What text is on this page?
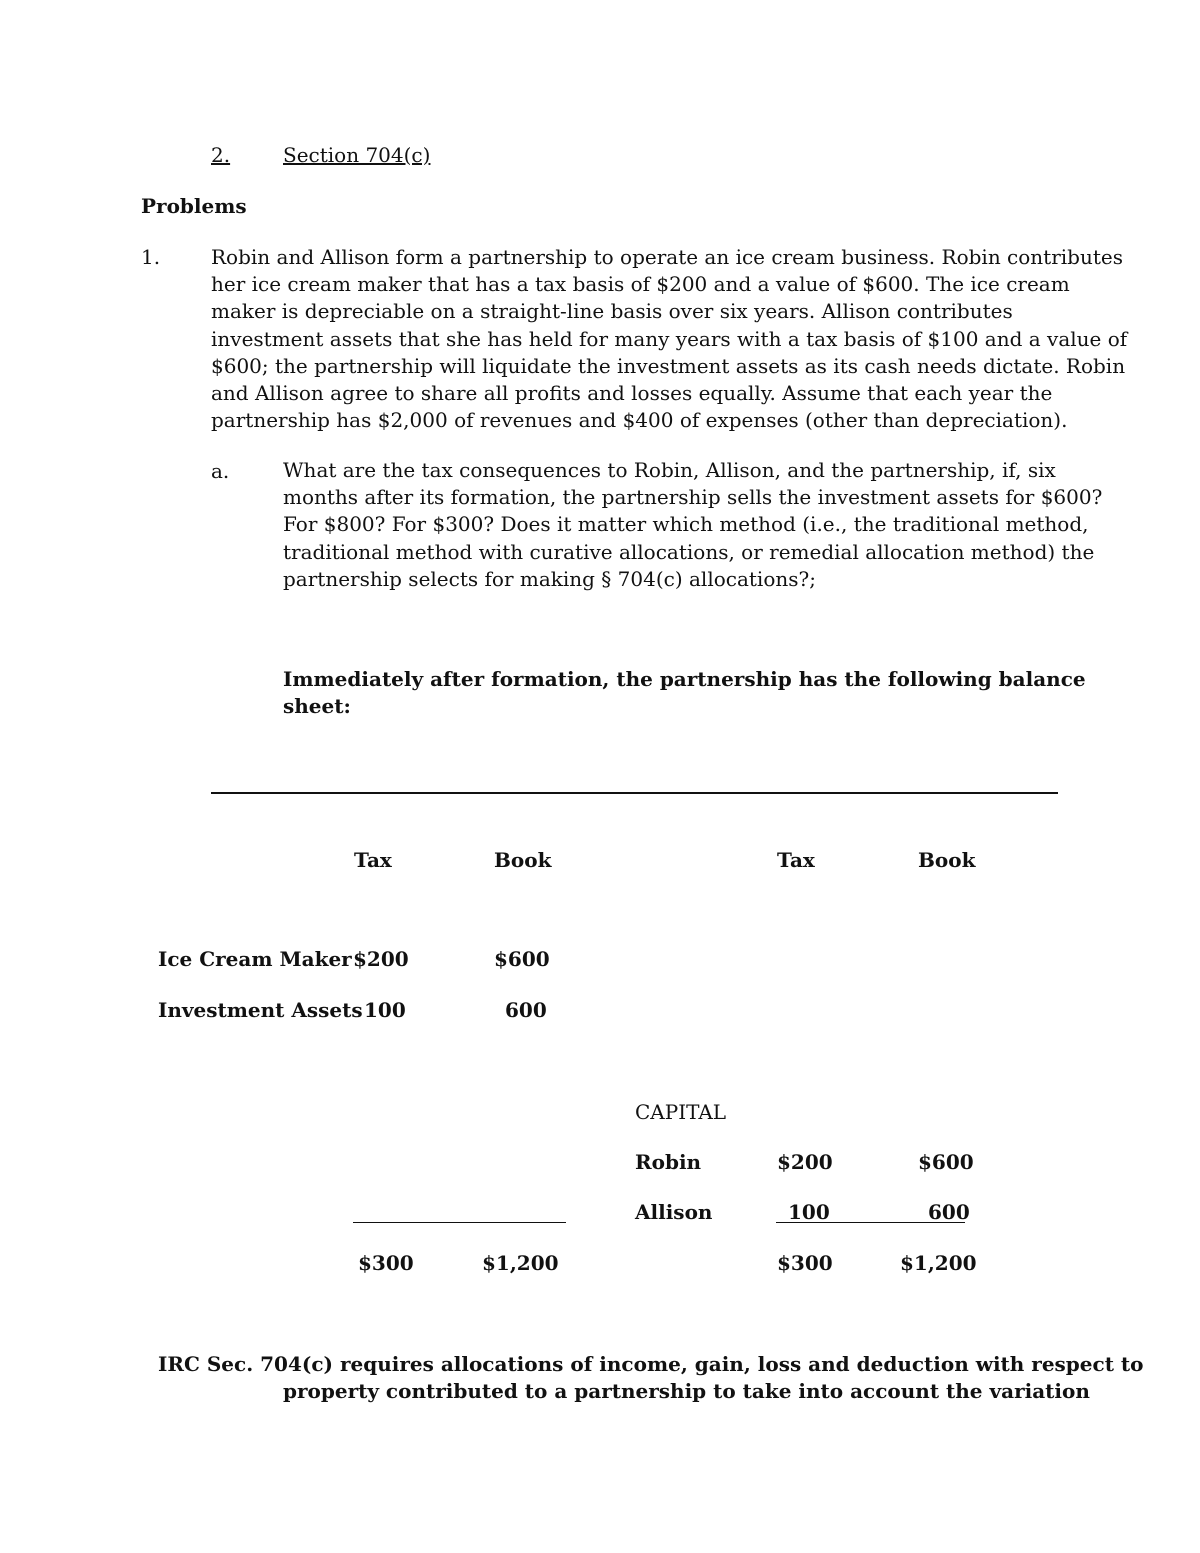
2.	Section 704(c)
Problems
1.	Robin and Allison form a partnership to operate an ice cream business. Robin contributes
her ice cream maker that has a tax basis of $200 and a value of $600. The ice cream
maker is depreciable on a straight-line basis over six years. Allison contributes
investment assets that she has held for many years with a tax basis of $100 and a value of
$600; the partnership will liquidate the investment assets as its cash needs dictate. Robin
and Allison agree to share all profits and losses equally. Assume that each year the
partnership has $2,000 of revenues and $400 of expenses (other than depreciation).
a.	What are the tax consequences to Robin, Allison, and the partnership, if, six
months after its formation, the partnership sells the investment assets for $600?
For $800? For $300? Does it matter which method (i.e., the traditional method,
traditional method with curative allocations, or remedial allocation method) the
partnership selects for making § 704(c) allocations?;
Immediately after formation, the partnership has the following balance
sheet:
Tax	Book	Tax	Book
Ice Cream Maker $200	$600
Investment Assets 100	600
CAPITAL
Robin	$200	$600
Allison	100	600
$300	$1,200	$300	$1,200
IRC Sec. 704(c) requires allocations of income, gain, loss and deduction with respect to
property contributed to a partnership to take into account the variation
